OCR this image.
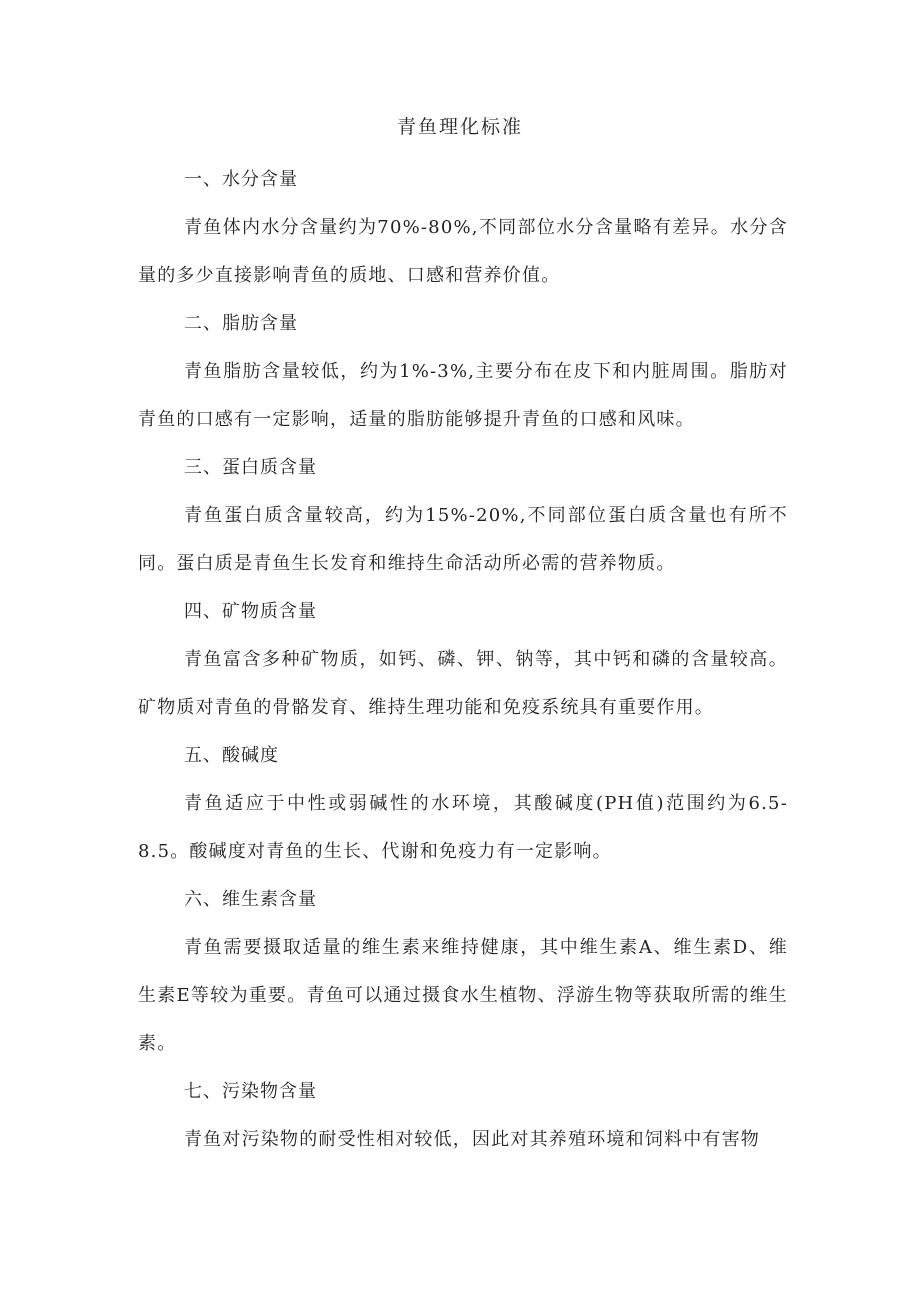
青鱼理化标准

一、水分含量

青鱼体内水分含量约为70%-80%,不同部位水分含量略有差异。水分含量的多少直接影响青鱼的质地、口感和营养价值。

二、脂肪含量

青鱼脂肪含量较低，约为1%-3%,主要分布在皮下和内脏周围。脂肪对青鱼的口感有一定影响，适量的脂肪能够提升青鱼的口感和风味。

三、蛋白质含量

青鱼蛋白质含量较高，约为15%-20%,不同部位蛋白质含量也有所不同。蛋白质是青鱼生长发育和维持生命活动所必需的营养物质。

四、矿物质含量

青鱼富含多种矿物质，如钙、磷、钾、钠等，其中钙和磷的含量较高。矿物质对青鱼的骨骼发育、维持生理功能和免疫系统具有重要作用。

五、酸碱度

青鱼适应于中性或弱碱性的水环境，其酸碱度(PH值)范围约为6.5-8.5。酸碱度对青鱼的生长、代谢和免疫力有一定影响。

六、维生素含量

青鱼需要摄取适量的维生素来维持健康，其中维生素A、维生素D、维生素E等较为重要。青鱼可以通过摄食水生植物、浮游生物等获取所需的维生素。

七、污染物含量

青鱼对污染物的耐受性相对较低，因此对其养殖环境和饲料中有害物
